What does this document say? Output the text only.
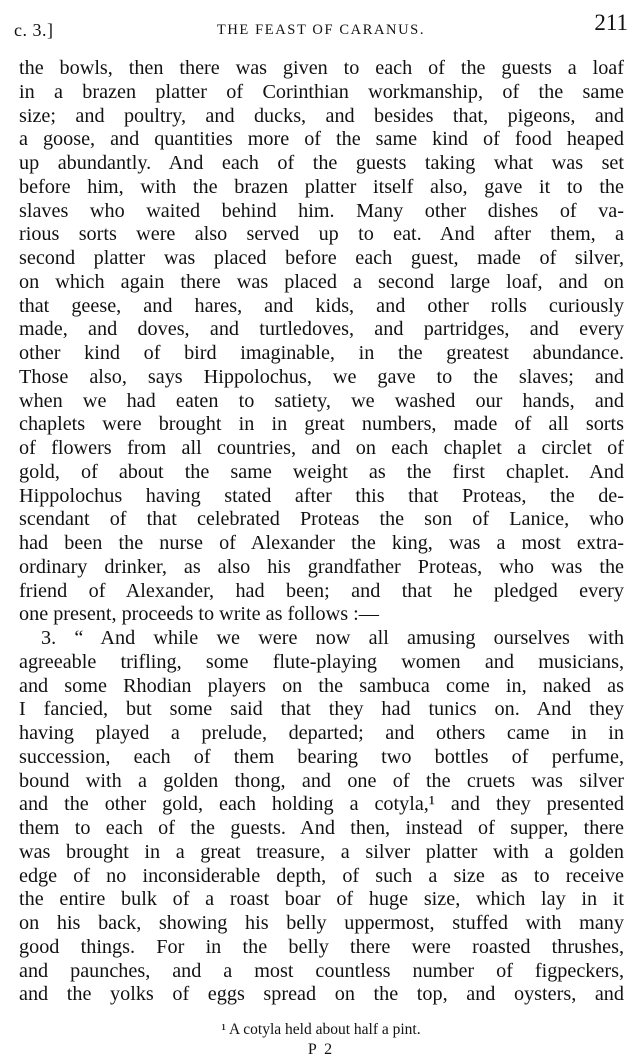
c. 3.]	THE FEAST OF CARANUS.	211
the bowls, then there was given to each of the guests a loaf
in a brazen platter of Corinthian workmanship, of the same
size; and poultry, and ducks, and besides that, pigeons, and
a goose, and quantities more of the same kind of food heaped
up abundantly. And each of the guests taking what was set
before him, with the brazen platter itself also, gave it to the
slaves who waited behind him. Many other dishes of va-
rious sorts were also served up to eat. And after them, a
second platter was placed before each guest, made of silver,
on which again there was placed a second large loaf, and on
that geese, and hares, and kids, and other rolls curiously
made, and doves, and turtledoves, and partridges, and every
other kind of bird imaginable, in the greatest abundance.
Those also, says Hippolochus, we gave to the slaves; and
when we had eaten to satiety, we washed our hands, and
chaplets were brought in in great numbers, made of all sorts
of flowers from all countries, and on each chaplet a circlet of
gold, of about the same weight as the first chaplet. And
Hippolochus having stated after this that Proteas, the de-
scendant of that celebrated Proteas the son of Lanice, who
had been the nurse of Alexander the king, was a most extra-
ordinary drinker, as also his grandfather Proteas, who was the
friend of Alexander, had been; and that he pledged every
one present, proceeds to write as follows :—
3. “ And while we were now all amusing ourselves with
agreeable trifling, some flute-playing women and musicians,
and some Rhodian players on the sambuca come in, naked as
I fancied, but some said that they had tunics on. And they
having played a prelude, departed; and others came in in
succession, each of them bearing two bottles of perfume,
bound with a golden thong, and one of the cruets was silver
and the other gold, each holding a cotyla,¹ and they presented
them to each of the guests. And then, instead of supper, there
was brought in a great treasure, a silver platter with a golden
edge of no inconsiderable depth, of such a size as to receive
the entire bulk of a roast boar of huge size, which lay in it
on his back, showing his belly uppermost, stuffed with many
good things. For in the belly there were roasted thrushes,
and paunches, and a most countless number of figpeckers,
and the yolks of eggs spread on the top, and oysters, and
¹ A cotyla held about half a pint.
P 2
